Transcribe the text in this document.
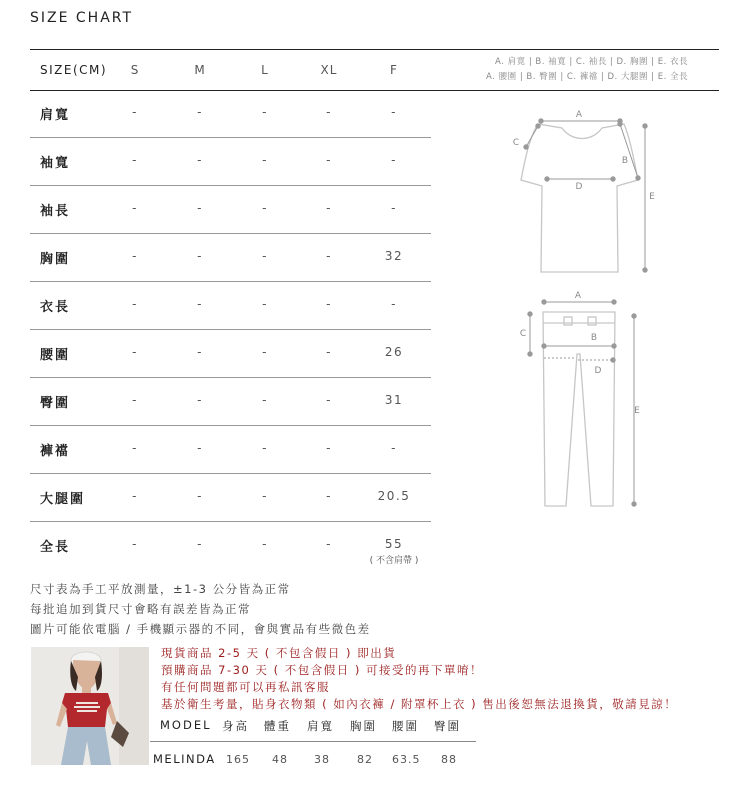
SIZE CHART
SIZE(CM)	S	M	L	XL	F
A. 肩寬 | B. 袖寬 | C. 袖長 | D. 胸圍 | E. 衣長
A. 腰圍 | B. 臀圍 | C. 褲襠 | D. 大腿圍 | E. 全長
肩寬	-	-	-	-	-
袖寬	-	-	-	-	-
袖長	-	-	-	-	-
胸圍	-	-	-	-	32
衣長	-	-	-	-	-
腰圍	-	-	-	-	26
臀圍	-	-	-	-	31
褲襠	-	-	-	-	-
大腿圍	-	-	-	-	20.5
全長	-	-	-	-	55
( 不含肩帶 )
A
B
C
D
E
A
B
C
D
E
尺寸表為手工平放測量，±1-3 公分皆為正常
每批追加到貨尺寸會略有誤差皆為正常
圖片可能依電腦 / 手機顯示器的不同，會與實品有些微色差
現貨商品 2-5 天 ( 不包含假日 ) 即出貨
預購商品 7-30 天 ( 不包含假日 ) 可接受的再下單唷！
有任何問題都可以再私訊客服
基於衛生考量，貼身衣物類 ( 如內衣褲 / 附罩杯上衣 ) 售出後恕無法退換貨，敬請見諒！
MODEL 身高 體重 肩寬 胸圍 腰圍 臀圍
MELINDA 165 48 38 82 63.5 88
